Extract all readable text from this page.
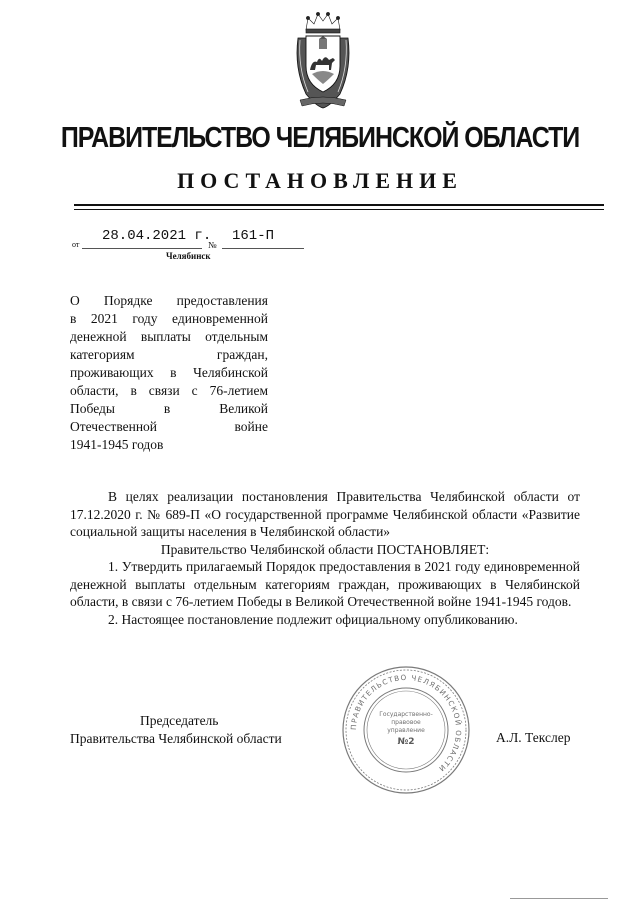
ПРАВИТЕЛЬСТВО ЧЕЛЯБИНСКОЙ ОБЛАСТИ
ПОСТАНОВЛЕНИЕ
от
28.04.2021 г.
№
161-П
Челябинск
О Порядке предоставления
в 2021 году единовременной
денежной выплаты отдельным
категориям граждан,
проживающих в Челябинской
области, в связи с 76-летием
Победы в Великой
Отечественной войне
1941-1945 годов
В целях реализации постановления Правительства Челябинской области от 17.12.2020 г. № 689-П «О государственной программе Челябинской области «Развитие социальной защиты населения в Челябинской области»
Правительство Челябинской области ПОСТАНОВЛЯЕТ:
1. Утвердить прилагаемый Порядок предоставления в 2021 году единовременной денежной выплаты отдельным категориям граждан, проживающих в Челябинской области, в связи с 76-летием Победы в Великой Отечественной войне 1941-1945 годов.
2. Настоящее постановление подлежит официальному опубликованию.
Председатель
Правительства Челябинской области	А.Л. Текслер
ПРАВИТЕЛЬСТВО ЧЕЛЯБИНСКОЙ ОБЛАСТИ
Государственно-
правовое
управление
№2
